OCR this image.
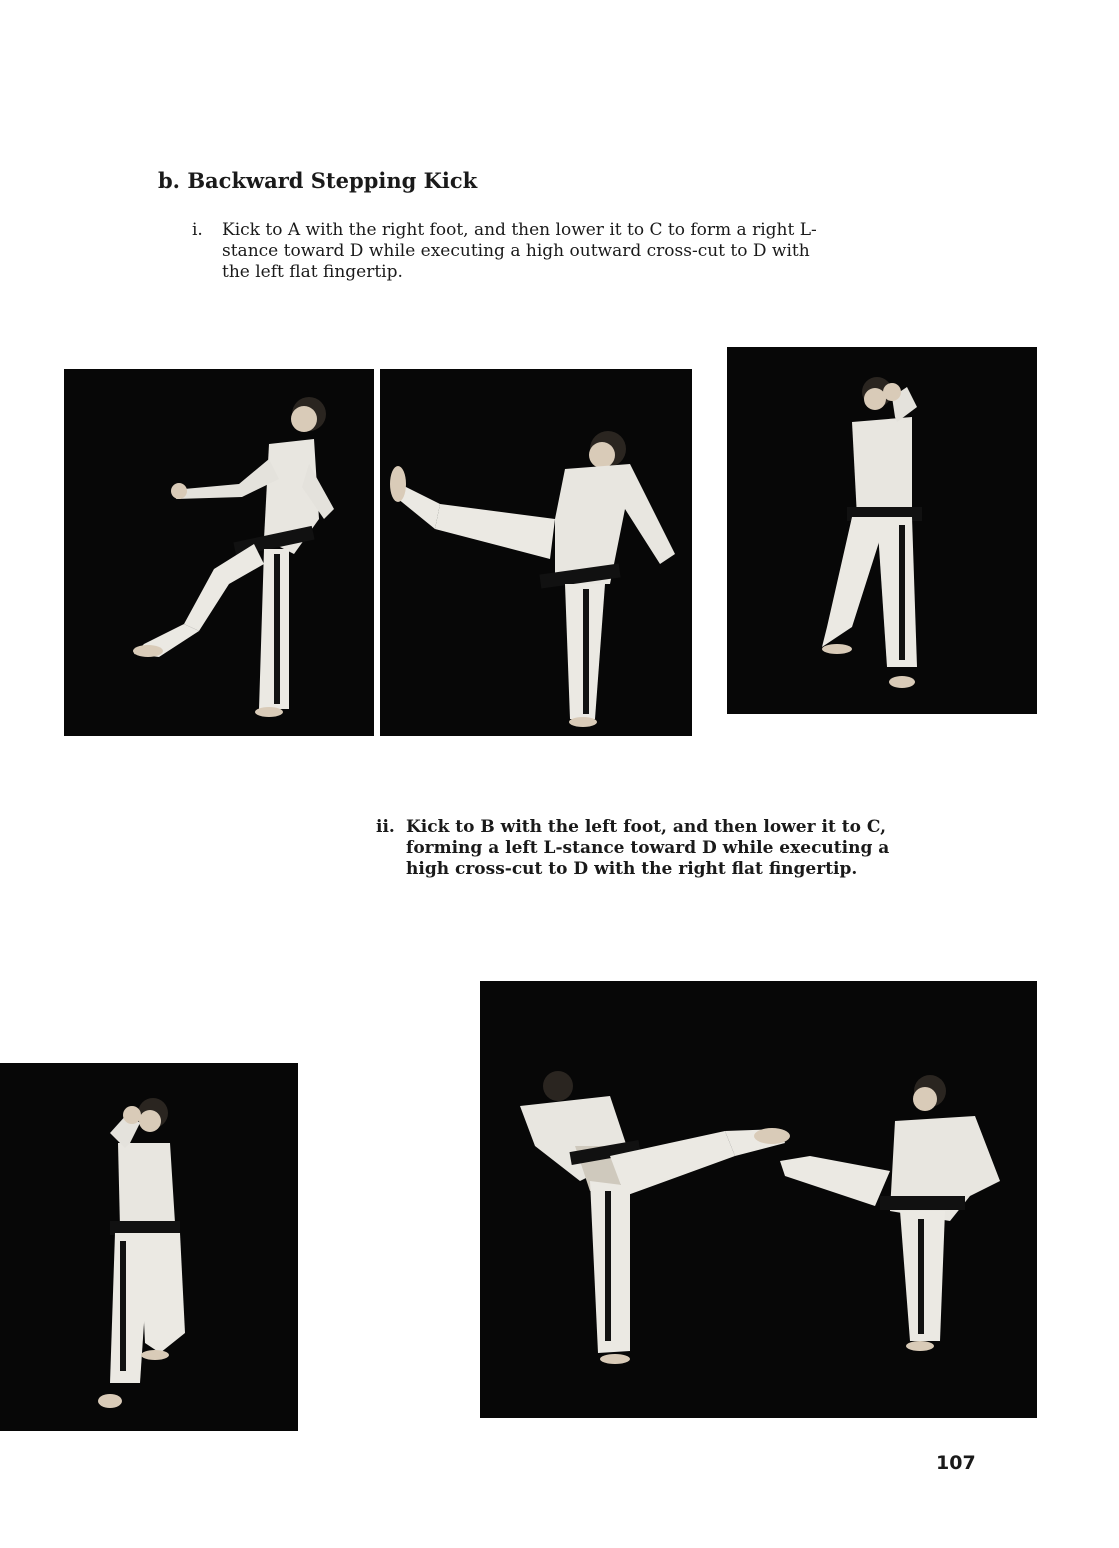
b. Backward Stepping Kick
i.	Kick to A with the right foot, and then lower it to C to form a right L-
stance toward D while executing a high outward cross-cut to D with
the left flat fingertip.
ii. Kick to B with the left foot, and then lower it to C,
forming a left L-stance toward D while executing a
high cross-cut to D with the right flat fingertip.
107
